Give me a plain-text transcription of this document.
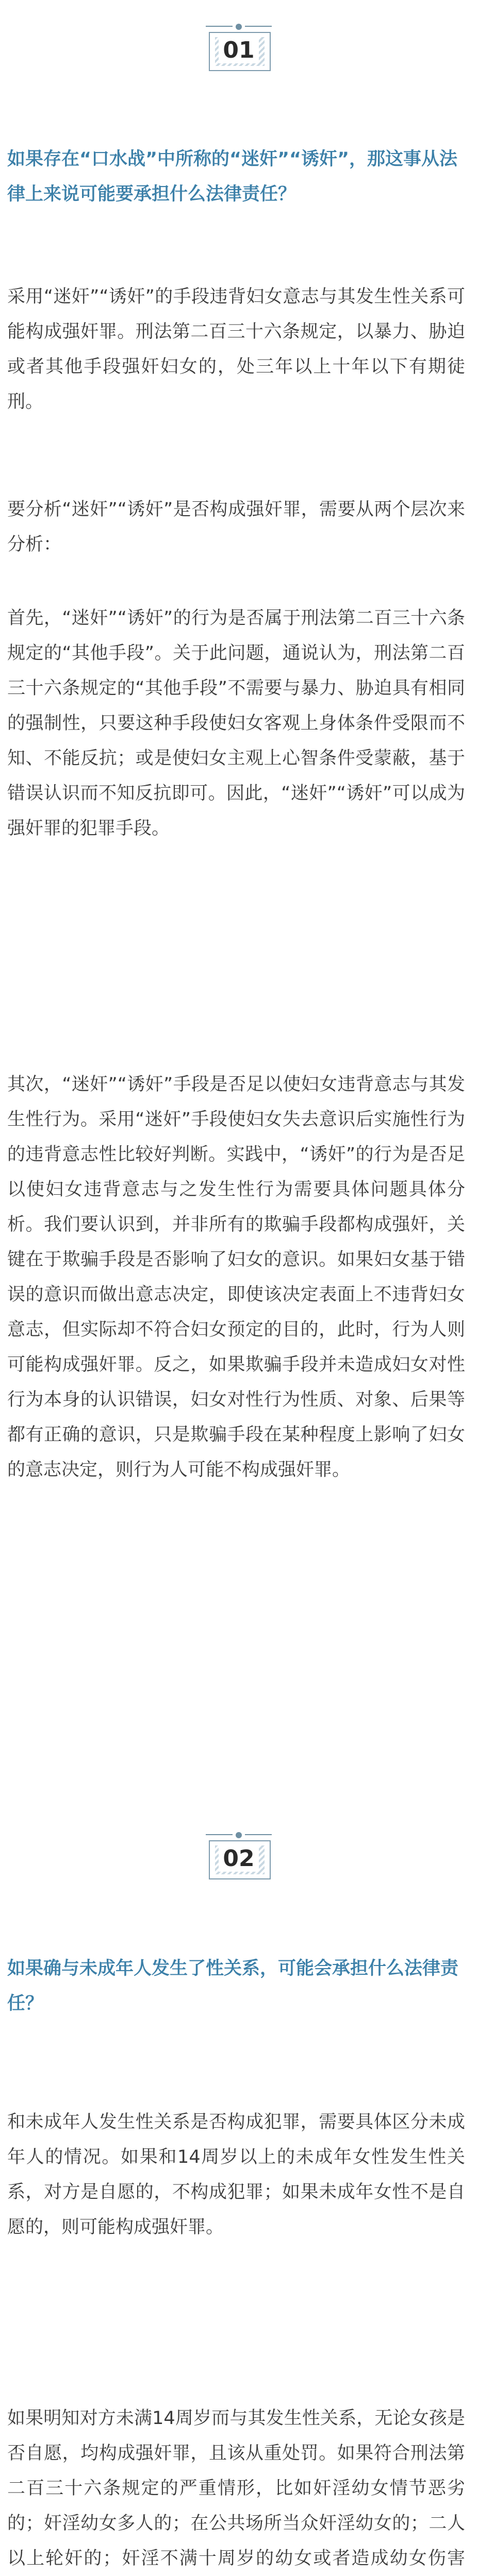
01

如果存在“口水战”中所称的“迷奸”“诱奸”，那这事从法律上来说可能要承担什么法律责任？

采用“迷奸”“诱奸”的手段违背妇女意志与其发生性关系可能构成强奸罪。刑法第二百三十六条规定，以暴力、胁迫或者其他手段强奸妇女的，处三年以上十年以下有期徒刑。

要分析“迷奸”“诱奸”是否构成强奸罪，需要从两个层次来分析：

首先，“迷奸”“诱奸”的行为是否属于刑法第二百三十六条规定的“其他手段”。关于此问题，通说认为，刑法第二百三十六条规定的“其他手段”不需要与暴力、胁迫具有相同的强制性，只要这种手段使妇女客观上身体条件受限而不知、不能反抗；或是使妇女主观上心智条件受蒙蔽，基于错误认识而不知反抗即可。因此，“迷奸”“诱奸”可以成为强奸罪的犯罪手段。

其次，“迷奸”“诱奸”手段是否足以使妇女违背意志与其发生性行为。采用“迷奸”手段使妇女失去意识后实施性行为的违背意志性比较好判断。实践中，“诱奸”的行为是否足以使妇女违背意志与之发生性行为需要具体问题具体分析。我们要认识到，并非所有的欺骗手段都构成强奸，关键在于欺骗手段是否影响了妇女的意识。如果妇女基于错误的意识而做出意志决定，即使该决定表面上不违背妇女意志，但实际却不符合妇女预定的目的，此时，行为人则可能构成强奸罪。反之，如果欺骗手段并未造成妇女对性行为本身的认识错误，妇女对性行为性质、对象、后果等都有正确的意识，只是欺骗手段在某种程度上影响了妇女的意志决定，则行为人可能不构成强奸罪。

02

如果确与未成年人发生了性关系，可能会承担什么法律责任？

和未成年人发生性关系是否构成犯罪，需要具体区分未成年人的情况。如果和14周岁以上的未成年女性发生性关系，对方是自愿的，不构成犯罪；如果未成年女性不是自愿的，则可能构成强奸罪。

如果明知对方未满14周岁而与其发生性关系，无论女孩是否自愿，均构成强奸罪，且该从重处罚。如果符合刑法第二百三十六条规定的严重情形，比如奸淫幼女情节恶劣的；奸淫幼女多人的；在公共场所当众奸淫幼女的；二人以上轮奸的；奸淫不满十周岁的幼女或者造成幼女伤害
